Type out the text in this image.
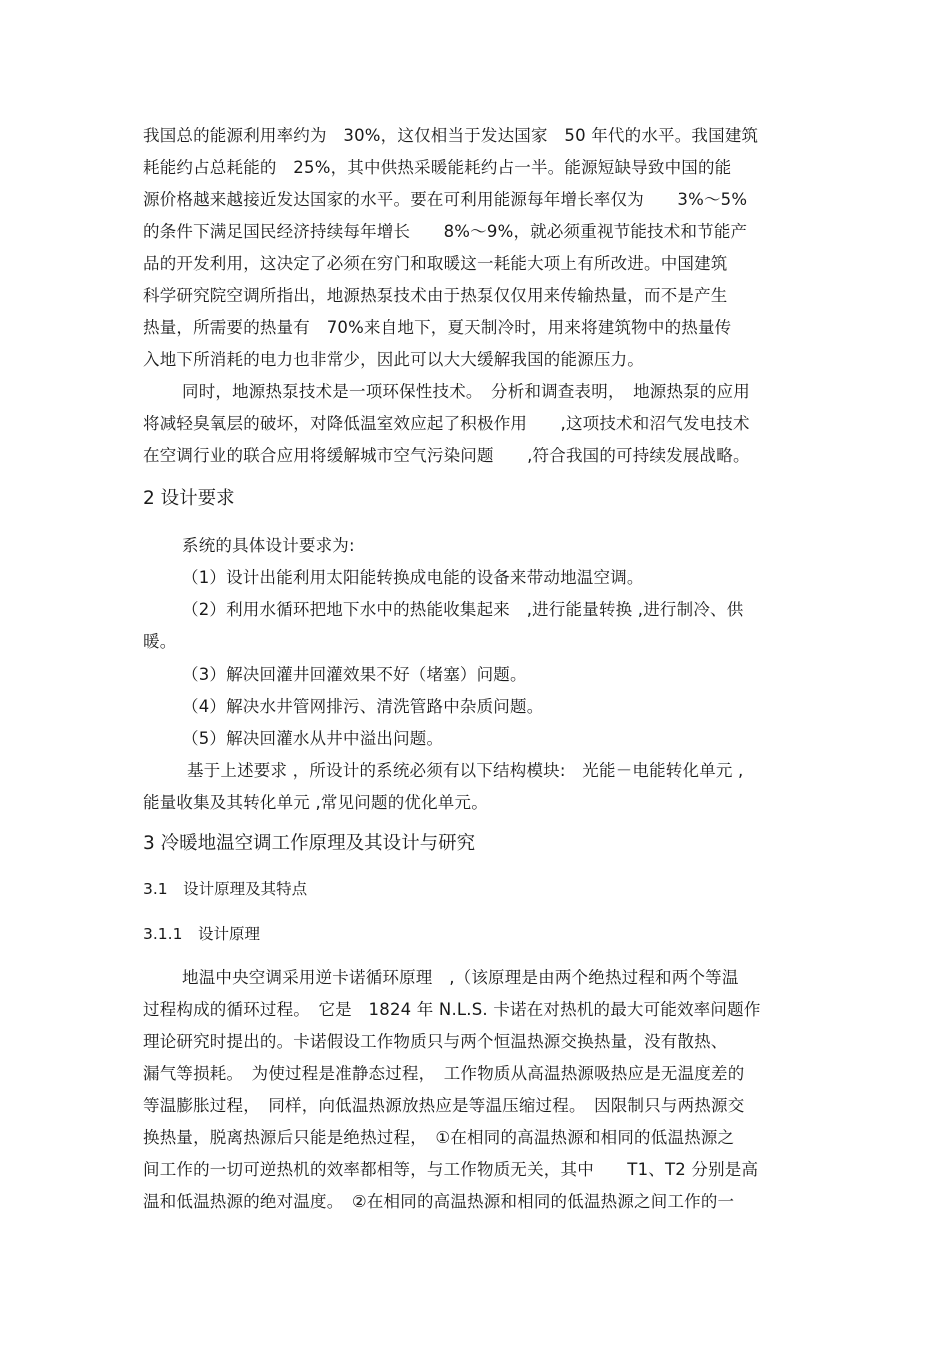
我国总的能源利用率约为　30%，这仅相当于发达国家　50 年代的水平。我国建筑
耗能约占总耗能的　25%，其中供热采暖能耗约占一半。能源短缺导致中国的能
源价格越来越接近发达国家的水平。要在可利用能源每年增长率仅为　　3%～5%
的条件下满足国民经济持续每年增长　　8%～9%，就必须重视节能技术和节能产
品的开发利用，这决定了必须在穷门和取暖这一耗能大项上有所改进。中国建筑
科学研究院空调所指出，地源热泵技术由于热泵仅仅用来传输热量，而不是产生
热量，所需要的热量有　70%来自地下，夏天制冷时，用来将建筑物中的热量传
入地下所消耗的电力也非常少，因此可以大大缓解我国的能源压力。
同时，地源热泵技术是一项环保性技术。　分析和调查表明，　地源热泵的应用
将减轻臭氧层的破坏，对降低温室效应起了积极作用　　,这项技术和沼气发电技术
在空调行业的联合应用将缓解城市空气污染问题　　,符合我国的可持续发展战略。
2 设计要求
系统的具体设计要求为:
（1）设计出能利用太阳能转换成电能的设备来带动地温空调。
（2）利用水循环把地下水中的热能收集起来　,进行能量转换 ,进行制冷、供
暖。
（3）解决回灌井回灌效果不好（堵塞）问题。
（4）解决水井管网排污、清洗管路中杂质问题。
（5）解决回灌水从井中溢出问题。
基于上述要求 ，所设计的系统必须有以下结构模块:　光能－电能转化单元 ,
能量收集及其转化单元 ,常见问题的优化单元。
3 冷暖地温空调工作原理及其设计与研究
3.1　设计原理及其特点
3.1.1　设计原理
地温中央空调采用逆卡诺循环原理　,（该原理是由两个绝热过程和两个等温
过程构成的循环过程。　它是　1824 年 N.L.S. 卡诺在对热机的最大可能效率问题作
理论研究时提出的。卡诺假设工作物质只与两个恒温热源交换热量，没有散热、
漏气等损耗。　为使过程是准静态过程，　工作物质从高温热源吸热应是无温度差的
等温膨胀过程，　同样，向低温热源放热应是等温压缩过程。　因限制只与两热源交
换热量，脱离热源后只能是绝热过程，　①在相同的高温热源和相同的低温热源之
间工作的一切可逆热机的效率都相等，与工作物质无关，其中　　T1、T2 分别是高
温和低温热源的绝对温度。　②在相同的高温热源和相同的低温热源之间工作的一
